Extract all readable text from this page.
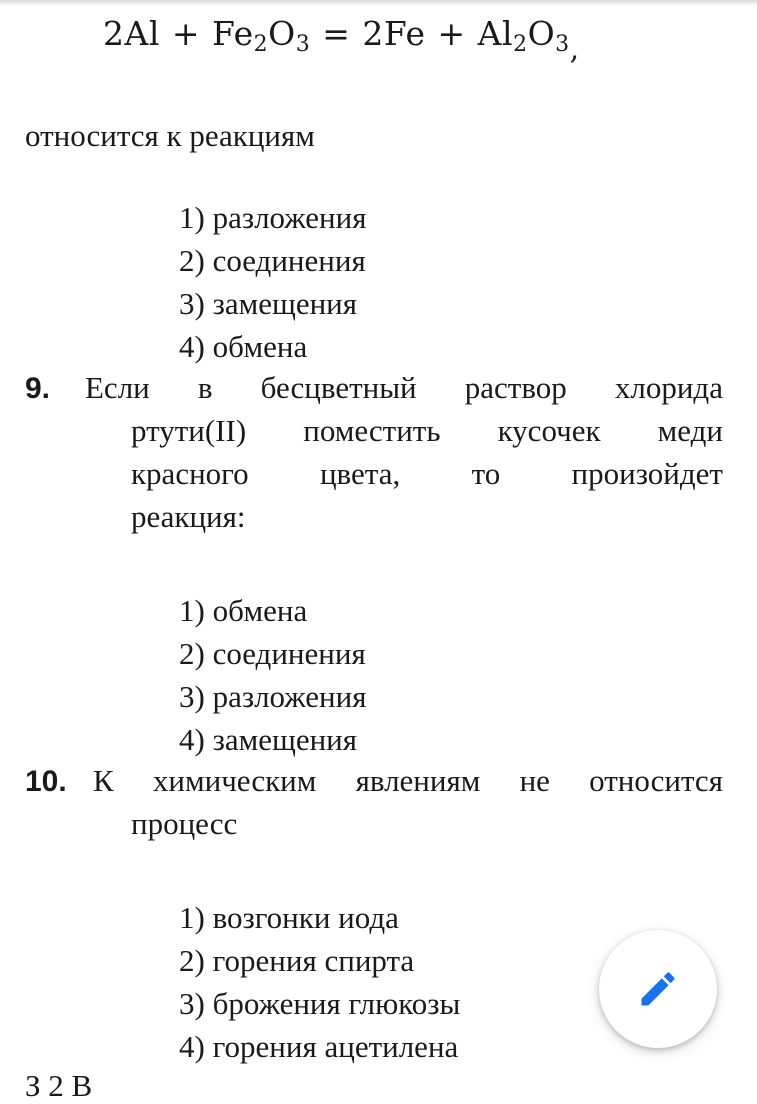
$2Al + Fe_2O_3 = 2Fe + Al_2O_3$,
относится к реакциям
1) разложения
2) соединения
3) замещения
4) обмена
9. Если в бесцветный раствор хлорида
ртути(II) поместить кусочек меди
красного цвета, то произойдет
реакция:
1) обмена
2) соединения
3) разложения
4) замещения
10. К химическим явлениям не относится
процесс
1) возгонки иода
2) горения спирта
3) брожения глюкозы
4) горения ацетилена
З 2 В
